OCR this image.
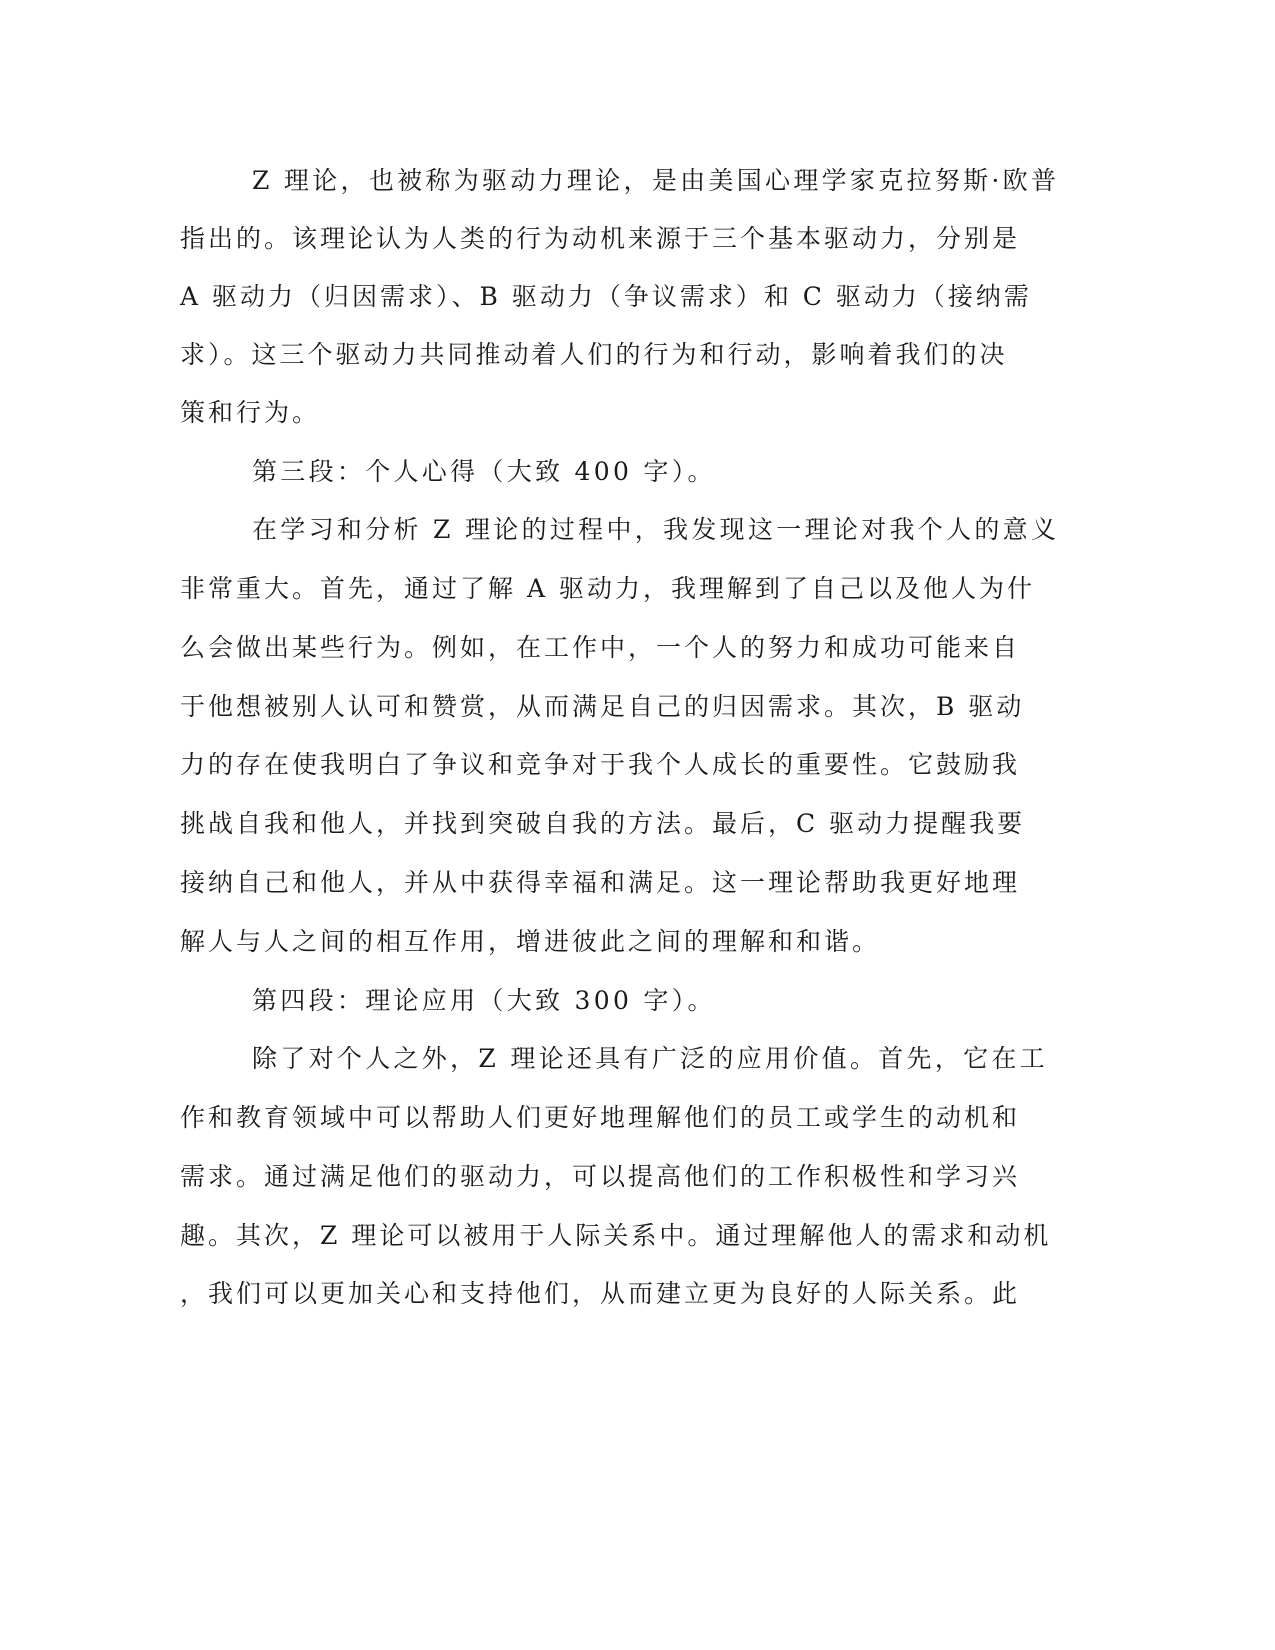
Z 理论，也被称为驱动力理论，是由美国心理学家克拉努斯·欧普
指出的。该理论认为人类的行为动机来源于三个基本驱动力，分别是
A 驱动力（归因需求）、B 驱动力（争议需求）和 C 驱动力（接纳需
求）。这三个驱动力共同推动着人们的行为和行动，影响着我们的决
策和行为。
第三段：个人心得（大致 400 字）。
在学习和分析 Z 理论的过程中，我发现这一理论对我个人的意义
非常重大。首先，通过了解 A 驱动力，我理解到了自己以及他人为什
么会做出某些行为。例如，在工作中，一个人的努力和成功可能来自
于他想被别人认可和赞赏，从而满足自己的归因需求。其次，B 驱动
力的存在使我明白了争议和竞争对于我个人成长的重要性。它鼓励我
挑战自我和他人，并找到突破自我的方法。最后，C 驱动力提醒我要
接纳自己和他人，并从中获得幸福和满足。这一理论帮助我更好地理
解人与人之间的相互作用，增进彼此之间的理解和和谐。
第四段：理论应用（大致 300 字）。
除了对个人之外，Z 理论还具有广泛的应用价值。首先，它在工
作和教育领域中可以帮助人们更好地理解他们的员工或学生的动机和
需求。通过满足他们的驱动力，可以提高他们的工作积极性和学习兴
趣。其次，Z 理论可以被用于人际关系中。通过理解他人的需求和动机
，我们可以更加关心和支持他们，从而建立更为良好的人际关系。此
